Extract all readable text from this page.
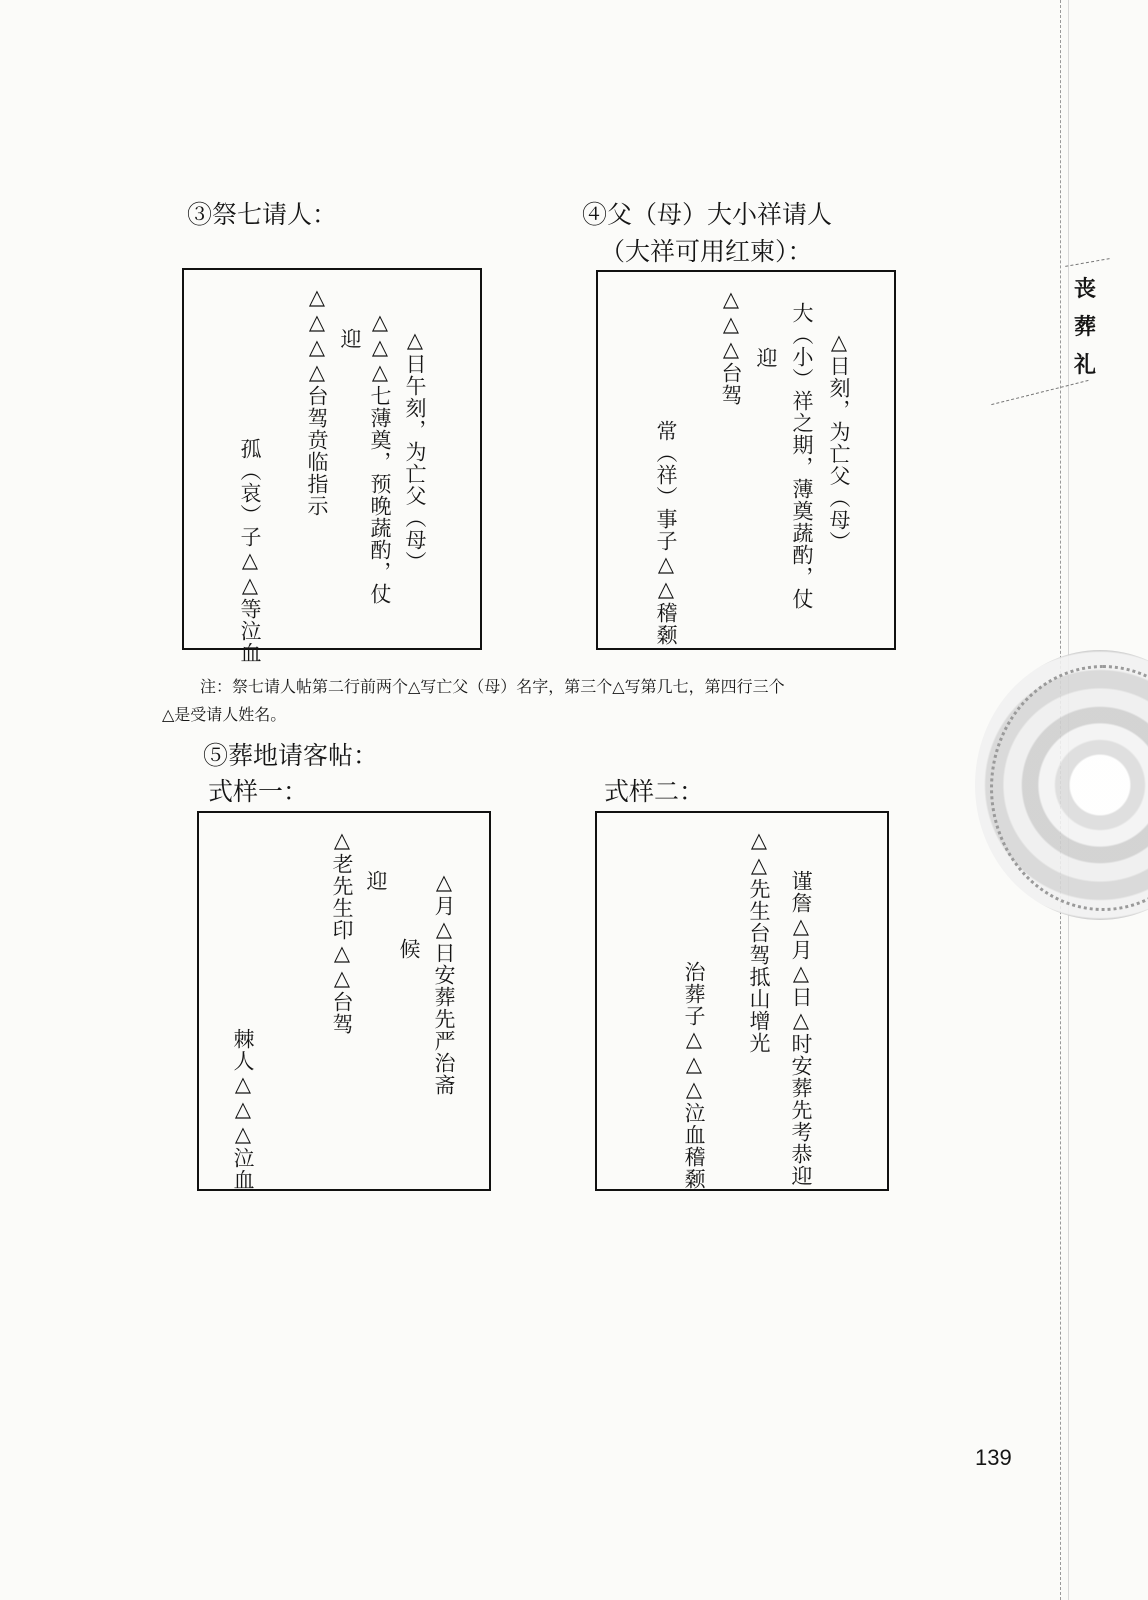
丧
葬
礼
③祭七请人：
△日午刻，为亡父（母）
△△△七薄奠，预晚蔬酌，仗
迎
△△△台驾贲临指示
△
孤（哀）子△△等泣血
④父（母）大小祥请人
（大祥可用红柬）：
△日刻，为亡父（母）
大（小）祥之期，薄奠蔬酌，仗
迎
△△△台驾
常（祥）事子△△稽颡
注：祭七请人帖第二行前两个△写亡父（母）名字，第三个△写第几七，第四行三个
△是受请人姓名。
⑤葬地请客帖：
式样一：	式样二：
△月△日安葬先严治斋
候
迎
△老先生印△△台驾
棘人△△△泣血	谨詹△月△日△时安葬先考恭迎
△△先生台驾抵山增光
治葬子△△△泣血稽颡
139
